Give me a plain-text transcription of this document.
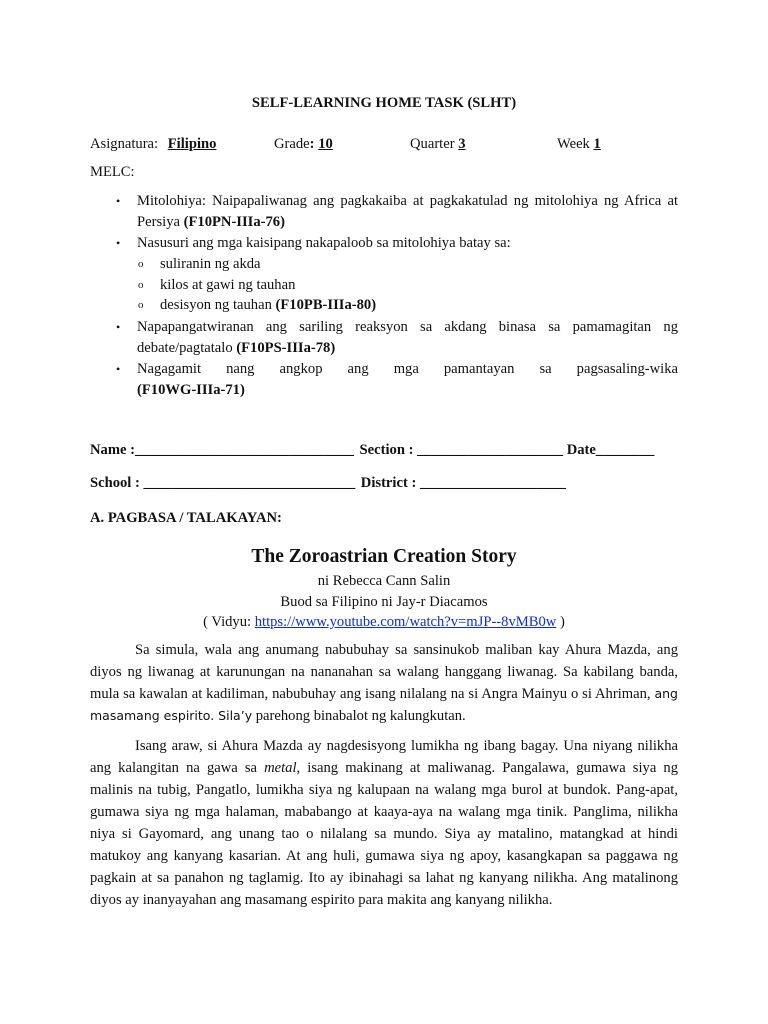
SELF-LEARNING HOME TASK (SLHT)
Asignatura: Filipino	Grade: 10	Quarter 3	Week 1
MELC:
• Mitolohiya: Naipapaliwanag ang pagkakaiba at pagkakatulad ng mitolohiya ng Africa at
Persiya (F10PN-IIIa-76)
• Nasusuri ang mga kaisipang nakapaloob sa mitolohiya batay sa:
o suliranin ng akda
o kilos at gawi ng tauhan
o desisyon ng tauhan (F10PB-IIIa-80)
• Napapangatwiranan ang sariling reaksyon sa akdang binasa sa pamamagitan ng
debate/pagtatalo (F10PS-IIIa-78)
• Nagagamit nang angkop ang mga pamantayan sa pagsasaling-wika
(F10WG-IIIa-71)
Name :______________________________ Section : ____________________ Date________
School : _____________________________ District : ____________________
A. PAGBASA / TALAKAYAN:
The Zoroastrian Creation Story
ni Rebecca Cann Salin
Buod sa Filipino ni Jay-r Diacamos
( Vidyu: https://www.youtube.com/watch?v=mJP--8vMB0w )
Sa simula, wala ang anumang nabubuhay sa sansinukob maliban kay Ahura Mazda, ang diyos ng liwanag at karunungan na nananahan sa walang hanggang liwanag. Sa kabilang banda, mula sa kawalan at kadiliman, nabubuhay ang isang nilalang na si Angra Mainyu o si Ahriman, ang masamang espirito. Sila’y parehong binabalot ng kalungkutan.
Isang araw, si Ahura Mazda ay nagdesisyong lumikha ng ibang bagay. Una niyang nilikha ang kalangitan na gawa sa metal, isang makinang at maliwanag. Pangalawa, gumawa siya ng malinis na tubig, Pangatlo, lumikha siya ng kalupaan na walang mga burol at bundok. Pang-apat, gumawa siya ng mga halaman, mababango at kaaya-aya na walang mga tinik. Panglima, nilikha niya si Gayomard, ang unang tao o nilalang sa mundo. Siya ay matalino, matangkad at hindi matukoy ang kanyang kasarian. At ang huli, gumawa siya ng apoy, kasangkapan sa paggawa ng pagkain at sa panahon ng taglamig. Ito ay ibinahagi sa lahat ng kanyang nilikha. Ang matalinong diyos ay inanyayahan ang masamang espirito para makita ang kanyang nilikha.
